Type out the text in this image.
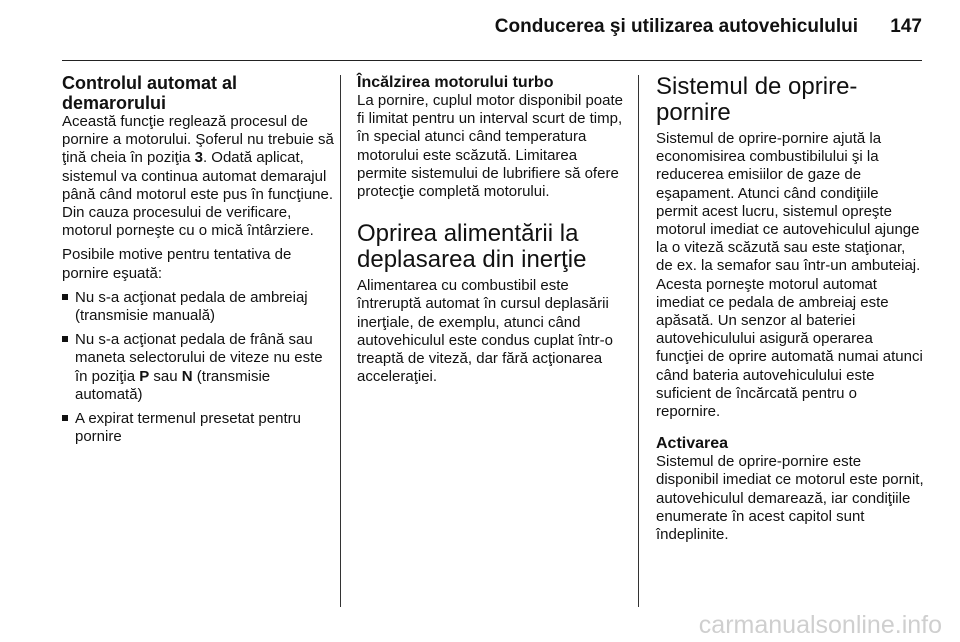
Conducerea şi utilizarea autovehiculului 147
Controlul automat al demarorului

Această funcţie reglează procesul de pornire a motorului. Şoferul nu trebuie să ţină cheia în poziţia 3. Odată aplicat, sistemul va continua automat demarajul până când motorul este pus în funcţiune. Din cauza procesului de verificare, motorul porneşte cu o mică întârziere.

Posibile motive pentru tentativa de pornire eşuată:

Nu s-a acţionat pedala de ambreiaj (transmisie manuală)
Nu s-a acţionat pedala de frână sau maneta selectorului de viteze nu este în poziţia P sau N (transmisie automată)
A expirat termenul presetat pentru pornire
Încălzirea motorului turbo

La pornire, cuplul motor disponibil poate fi limitat pentru un interval scurt de timp, în special atunci când temperatura motorului este scăzută. Limitarea permite sistemului de lubrifiere să ofere protecţie completă motorului.

Oprirea alimentării la deplasarea din inerţie

Alimentarea cu combustibil este întreruptă automat în cursul deplasării inerţiale, de exemplu, atunci când autovehiculul este condus cuplat într-o treaptă de viteză, dar fără acţionarea acceleraţiei.

Sistemul de oprire-pornire

Sistemul de oprire-pornire ajută la economisirea combustibilului şi la reducerea emisiilor de gaze de eşapament. Atunci când condiţiile permit acest lucru, sistemul opreşte motorul imediat ce autovehiculul ajunge la o viteză scăzută sau este staţionar, de ex. la semafor sau într-un ambuteiaj. Acesta porneşte motorul automat imediat ce pedala de ambreiaj este apăsată. Un senzor al bateriei autovehiculului asigură operarea funcţiei de oprire automată numai atunci când bateria autovehiculului este suficient de încărcată pentru o repornire.

Activarea

Sistemul de oprire-pornire este disponibil imediat ce motorul este pornit, autovehiculul demarează, iar condiţiile enumerate în acest capitol sunt îndeplinite.

carmanualsonline.info
